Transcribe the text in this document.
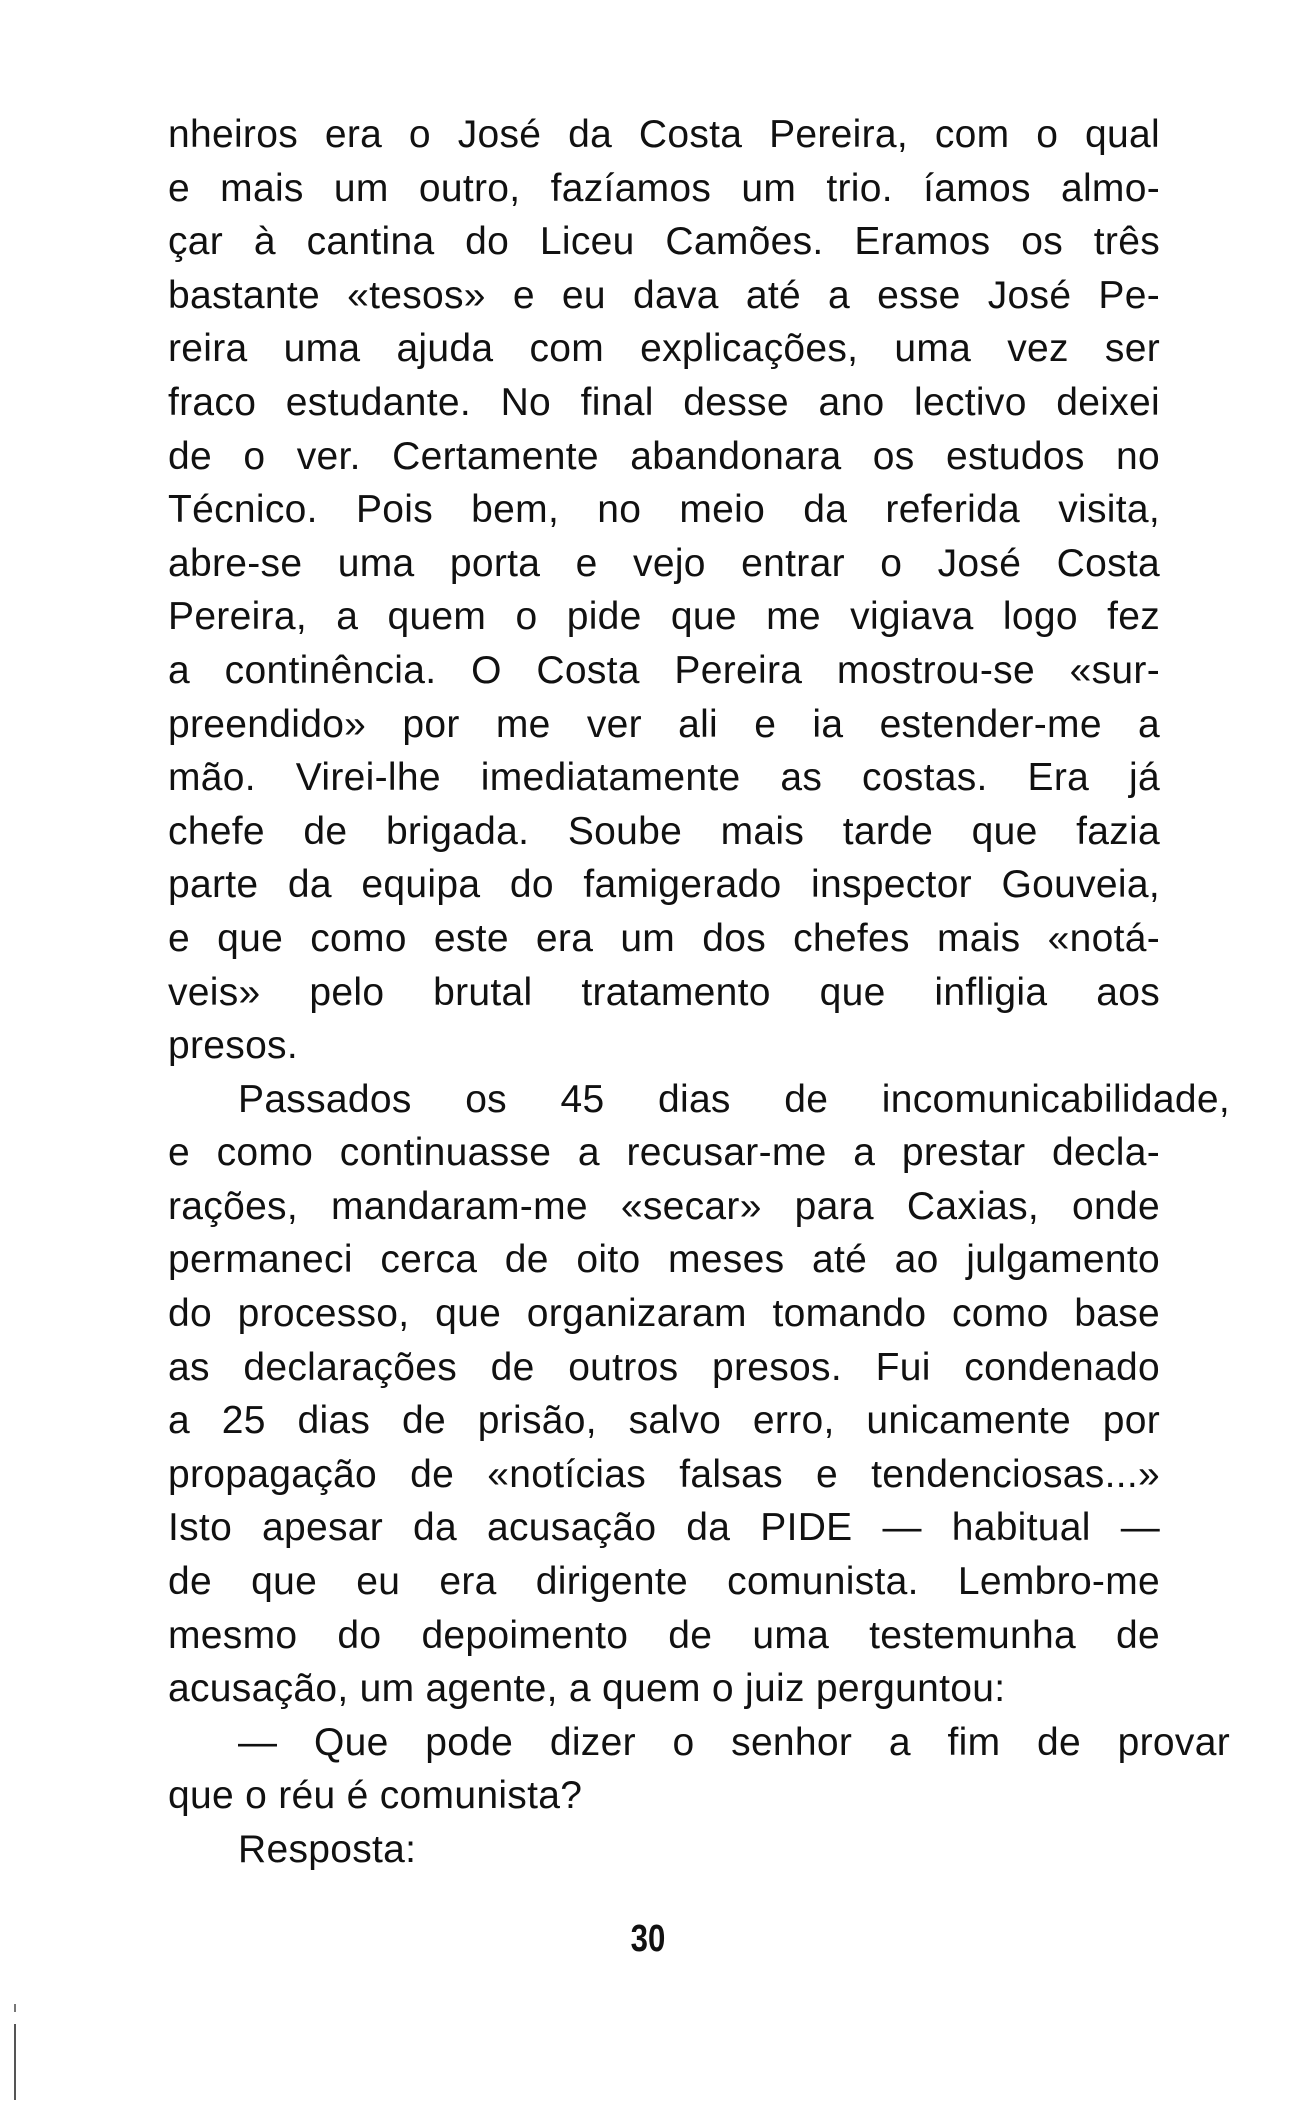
nheiros era o José da Costa Pereira, com o qual
e mais um outro, fazíamos um trio. íamos almo-
çar à cantina do Liceu Camões. Eramos os três
bastante «tesos» e eu dava até a esse José Pe-
reira uma ajuda com explicações, uma vez ser
fraco estudante. No final desse ano lectivo deixei
de o ver. Certamente abandonara os estudos no
Técnico. Pois bem, no meio da referida visita,
abre-se uma porta e vejo entrar o José Costa
Pereira, a quem o pide que me vigiava logo fez
a continência. O Costa Pereira mostrou-se «sur-
preendido» por me ver ali e ia estender-me a
mão. Virei-lhe imediatamente as costas. Era já
chefe de brigada. Soube mais tarde que fazia
parte da equipa do famigerado inspector Gouveia,
e que como este era um dos chefes mais «notá-
veis» pelo brutal tratamento que infligia aos
presos.
Passados os 45 dias de incomunicabilidade,
e como continuasse a recusar-me a prestar decla-
rações, mandaram-me «secar» para Caxias, onde
permaneci cerca de oito meses até ao julgamento
do processo, que organizaram tomando como base
as declarações de outros presos. Fui condenado
a 25 dias de prisão, salvo erro, unicamente por
propagação de «notícias falsas e tendenciosas...»
Isto apesar da acusação da PIDE — habitual —
de que eu era dirigente comunista. Lembro-me
mesmo do depoimento de uma testemunha de
acusação, um agente, a quem o juiz perguntou:
— Que pode dizer o senhor a fim de provar
que o réu é comunista?
Resposta:
30
